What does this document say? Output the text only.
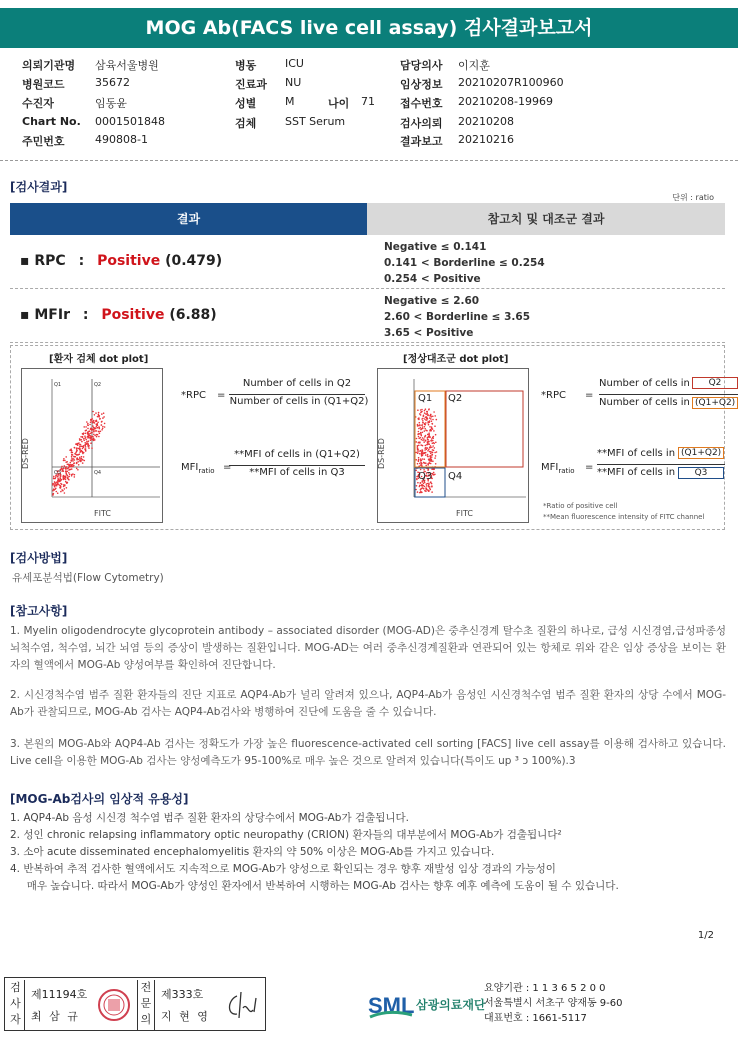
MOG Ab(FACS live cell assay) 검사결과보고서
의뢰기관명 삼육서울병원	병동	ICU	담당의사 이지훈
병원코드	35672	진료과 NU	임상정보 20210207R100960
수진자	임동윤	성별	M	나이 71 접수번호 20210208-19969
Chart No. 0001501848	검체	SST Serum	검사의뢰 20210208
주민번호	490808-1	결과보고 20210216
[검사결과]
단위 : ratio
결과	참고치 및 대조군 결과
▪ RPC : Positive (0.479)
Negative ≤ 0.141
0.141 < Borderline ≤ 0.254
0.254 < Positive
▪ MFIr : Positive (6.88)
Negative ≤ 2.60
2.60 < Borderline ≤ 3.65
3.65 < Positive
[환자 검체 dot plot]	[정상대조군 dot plot]
DS-RED
FITC
Q1	Q2
Q3	Q4
*RPC =
Number of cells in Q2
Number of cells in (Q1+Q2)
$MFI_{ratio}$ =
**MFI of cells in (Q1+Q2)
**MFI of cells in Q3
DS-RED
FITC
Q1 Q2
Q3 Q4
*RPC =
Number of cells in	Q2
Number of cells in (Q1+Q2)
$MFI_{ratio}$ =
**MFI of cells in (Q1+Q2)
**MFI of cells in	Q3
*Ratio of positive cell
**Mean fluorescence intensity of FITC channel
[검사방법]
유세포분석법(Flow Cytometry)
[참고사항]
1. Myelin oligodendrocyte glycoprotein antibody – associated disorder (MOG-AD)은 중추신경계 탈수초 질환의 하나로, 급성 시신경염,급성파종성 뇌척수염, 척수염, 뇌간 뇌염 등의 증상이 발생하는 질환입니다. MOG-AD는 여러 중추신경계질환과 연관되어 있는 항체로 위와 같은 임상 증상을 보이는 환자의 혈액에서 MOG-Ab 양성여부를 확인하여 진단합니다.
2. 시신경척수염 범주 질환 환자들의 진단 지표로 AQP4-Ab가 널리 알려져 있으나, AQP4-Ab가 음성인 시신경척수염 범주 질환 환자의 상당 수에서 MOG-Ab가 관찰되므로, MOG-Ab 검사는 AQP4-Ab검사와 병행하여 진단에 도움을 줄 수 있습니다.
3. 본원의 MOG-Ab와 AQP4-Ab 검사는 정확도가 가장 높은 fluorescence-activated cell sorting [FACS] live cell assay를 이용해 검사하고 있습니다. Live cell을 이용한 MOG-Ab 검사는 양성예측도가 95-100%로 매우 높은 것으로 알려져 있습니다(특이도 up ³ ↄ 100%).3
[MOG-Ab검사의 임상적 유용성]
1. AQP4-Ab 음성 시신경 척수염 범주 질환 환자의 상당수에서 MOG-Ab가 검출됩니다.
2. 성인 chronic relapsing inflammatory optic neuropathy (CRION) 환자들의 대부분에서 MOG-Ab가 검출됩니다²
3. 소아 acute disseminated encephalomyelitis 환자의 약 50% 이상은 MOG-Ab를 가지고 있습니다.
4. 반복하여 추적 검사한 혈액에서도 지속적으로 MOG-Ab가 양성으로 확인되는 경우 향후 재발성 임상 경과의 가능성이
매우 높습니다. 따라서 MOG-Ab가 양성인 환자에서 반복하여 시행하는 MOG-Ab 검사는 향후 예후 예측에 도움이 될 수 있습니다.
1/2
검사자
제11194호
최 삼 규
전문의
제333호
지 현 영	SML 삼광의료재단
요양기관 : 1 1 3 6 5 2 0 0
서울특별시 서초구 양재동 9-60
대표번호 : 1661-5117
